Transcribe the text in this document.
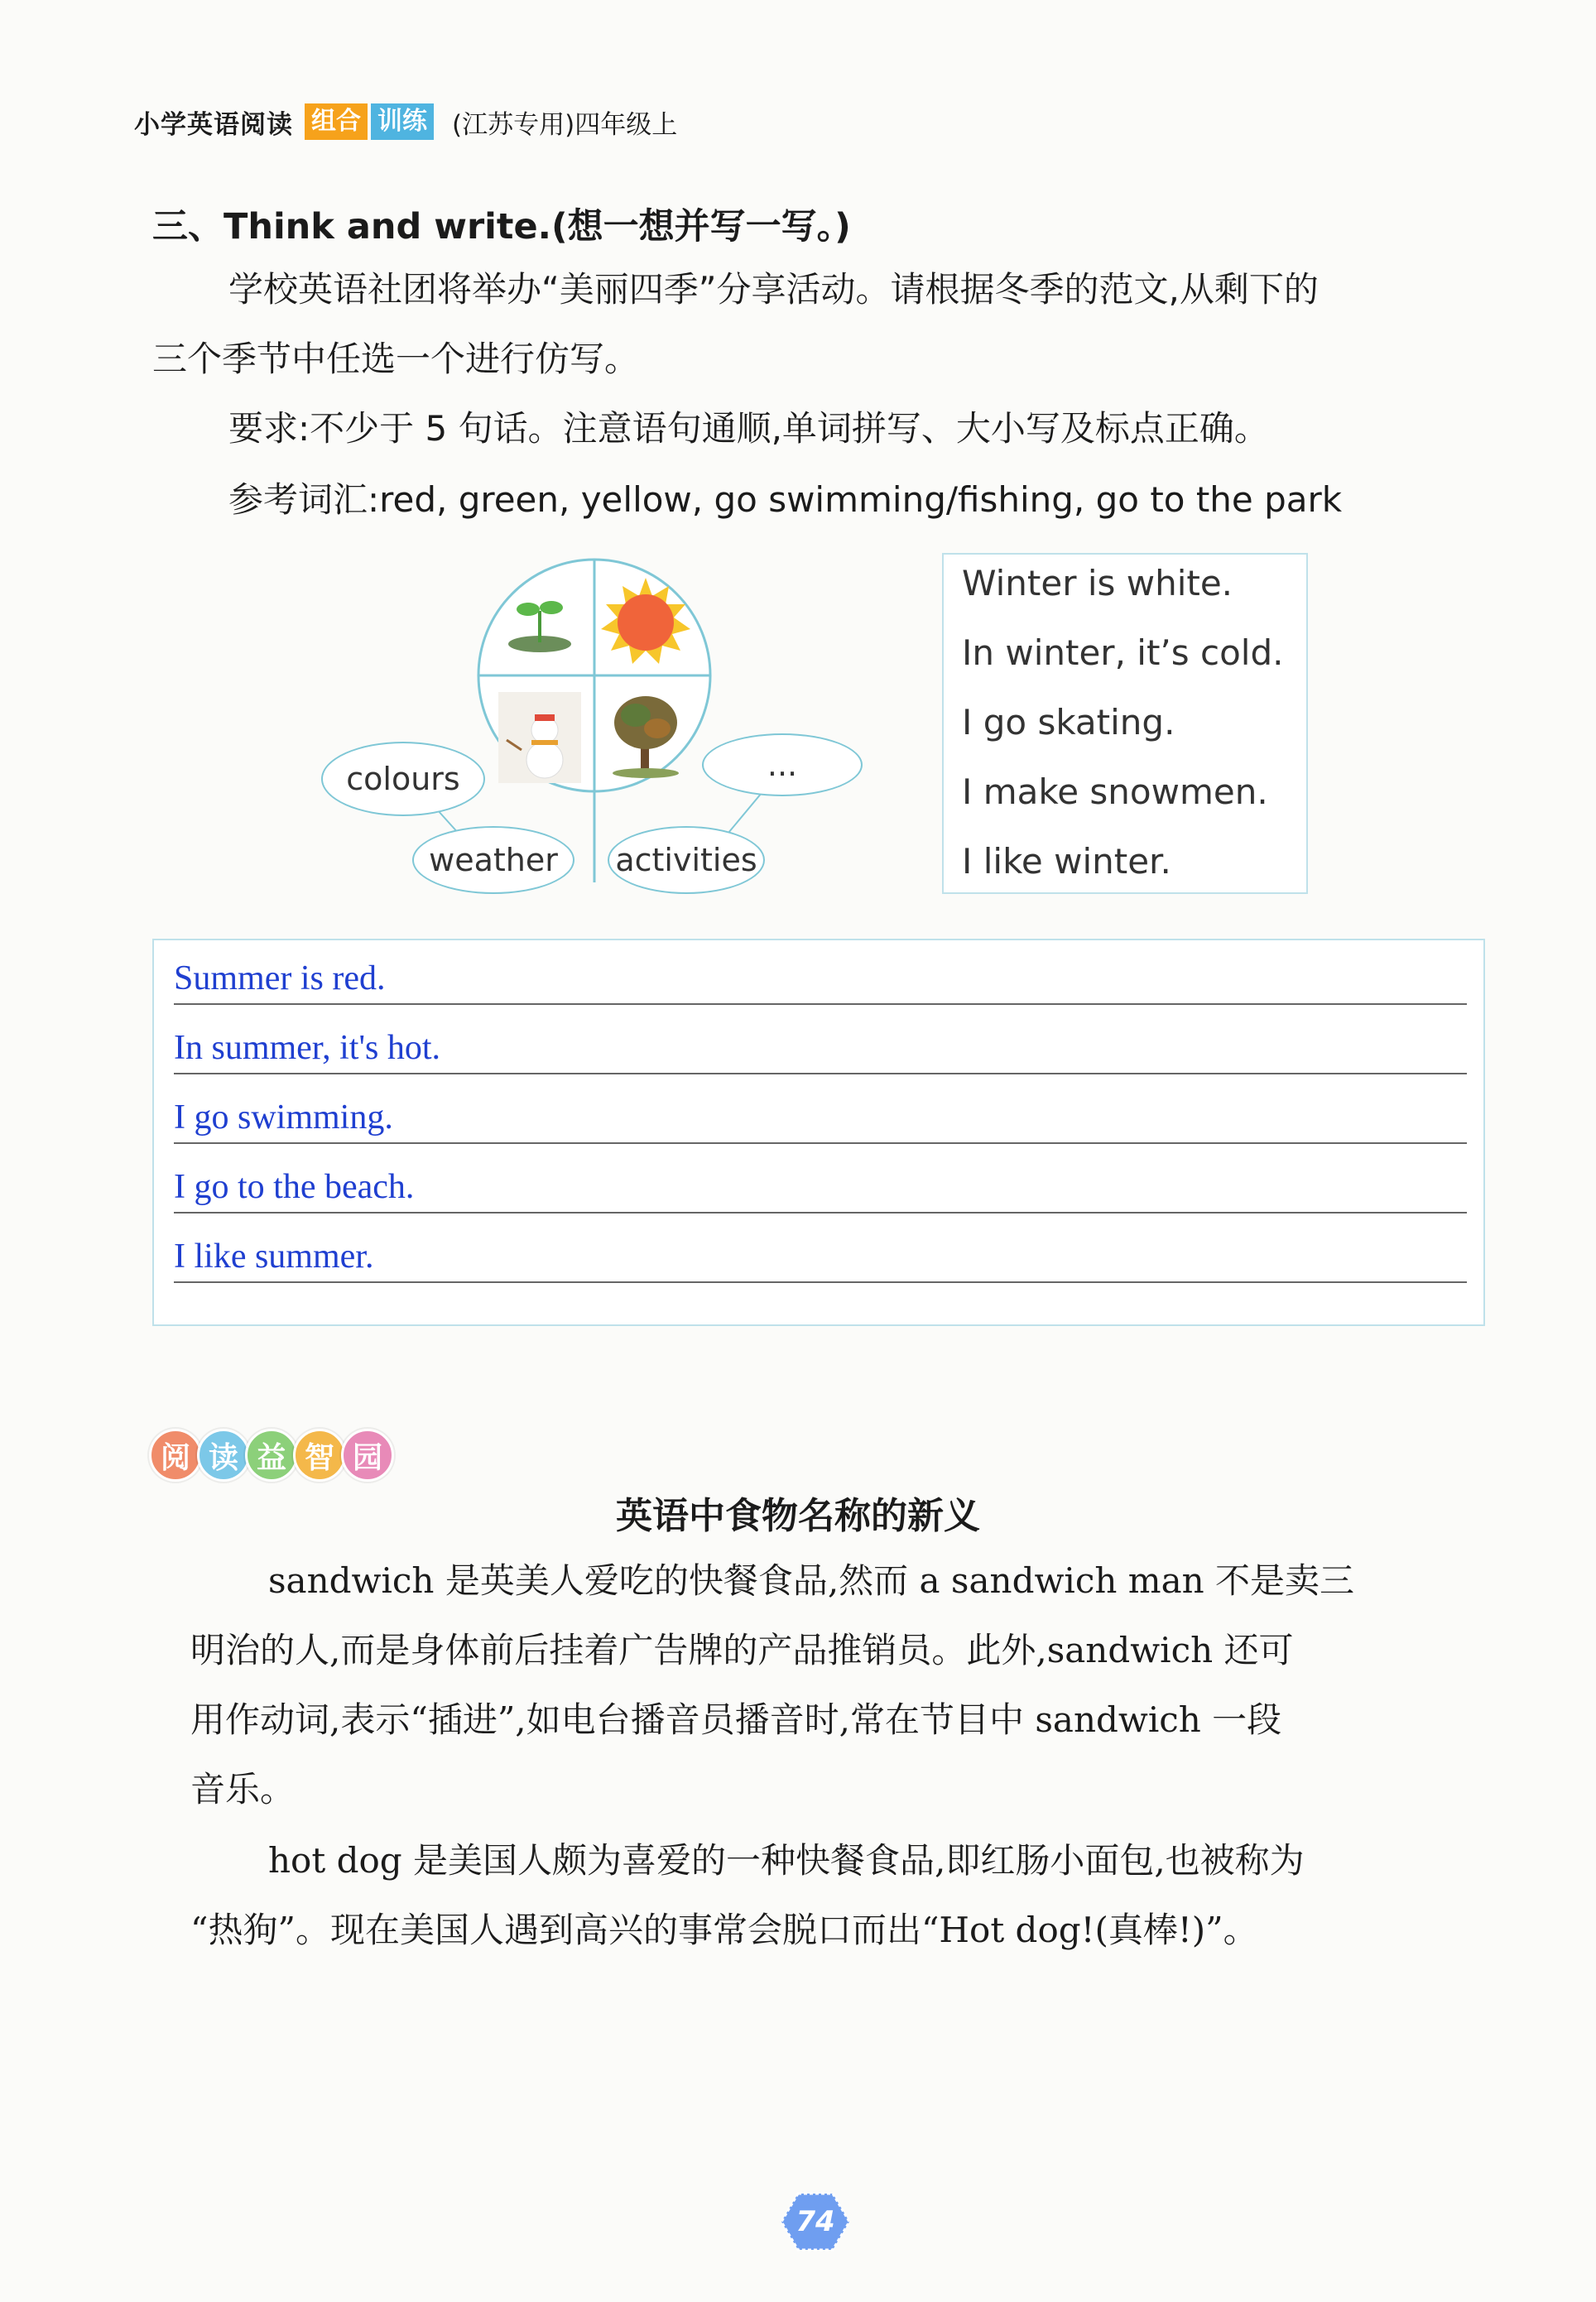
小学英语阅读 组合 训练 (江苏专用)四年级上
三、Think and write.(想一想并写一写。)
学校英语社团将举办“美丽四季”分享活动。请根据冬季的范文,从剩下的
三个季节中任选一个进行仿写。
要求:不少于 5 句话。注意语句通顺,单词拼写、大小写及标点正确。
参考词汇:red, green, yellow, go swimming/fishing, go to the park
colours
weather	activities
...
Winter is white.
In winter, it’s cold.
I go skating.
I make snowmen.
I like winter.
Summer is red.
In summer, it's hot.
I go swimming.
I go to the beach.
I like summer.
阅 读 益 智 园
英语中食物名称的新义
sandwich 是英美人爱吃的快餐食品,然而 a sandwich man 不是卖三
明治的人,而是身体前后挂着广告牌的产品推销员。此外,sandwich 还可
用作动词,表示“插进”,如电台播音员播音时,常在节目中 sandwich 一段
音乐。
hot dog 是美国人颇为喜爱的一种快餐食品,即红肠小面包,也被称为
“热狗”。现在美国人遇到高兴的事常会脱口而出“Hot dog!(真棒!)”。
74
